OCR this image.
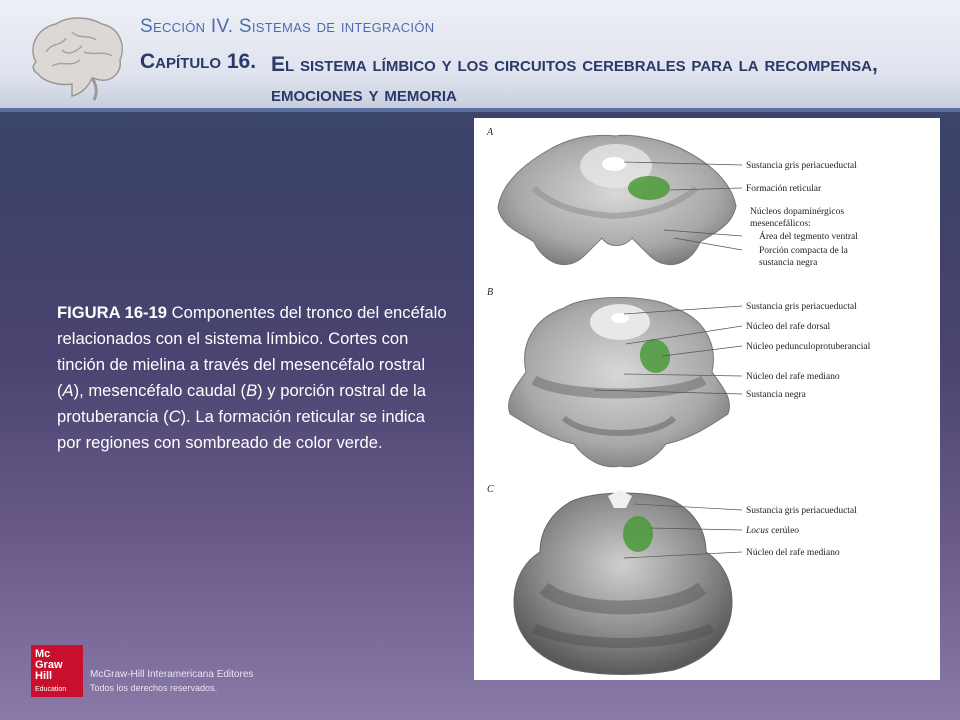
Sección IV. Sistemas de integración
Capítulo 16. El sistema límbico y los circuitos cerebrales para la recompensa, emociones y memoria
FIGURA 16-19 Componentes del tronco del encéfalo relacionados con el sistema límbico. Cortes con tinción de mielina a través del mesencéfalo rostral (A), mesencéfalo caudal (B) y porción rostral de la protuberancia (C). La formación reticular se indica por regiones con sombreado de color verde.
A
Sustancia gris periacueductal
Formación reticular
Núcleos dopaminérgicos
mesencefálicos:
Área del tegmento ventral
Porción compacta de la
sustancia negra
B
Sustancia gris periacueductal
Núcleo del rafe dorsal
Núcleo pedunculoprotuberancial
Núcleo del rafe mediano
Sustancia negra
C
Sustancia gris periacueductal
Locus cerúleo
Núcleo del rafe mediano
Mc
Graw
Hill
Education
McGraw-Hill Interamericana Editores
Todos los derechos reservados.
